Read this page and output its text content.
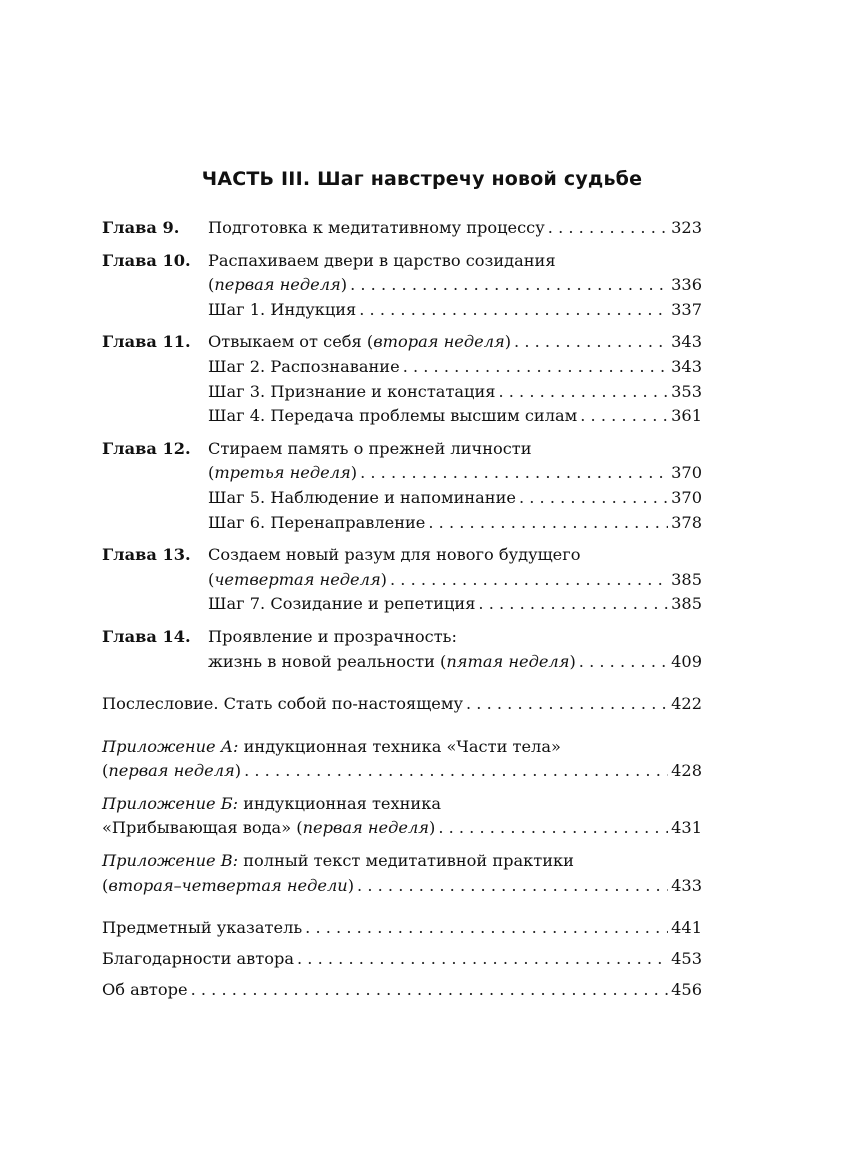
ЧАСТЬ III. Шаг навстречу новой судьбе
Глава 9.	Подготовка к медитативному процессу . . .	323
Глава 10.	Распахиваем двери в царство созидания
(первая неделя) . . .	336
Шаг 1. Индукция . . .	337
Глава 11.	Отвыкаем от себя (вторая неделя) . . .	343
Шаг 2. Распознавание . . .	343
Шаг 3. Признание и констатация . . .	353
Шаг 4. Передача проблемы высшим силам . . .	361
Глава 12.	Стираем память о прежней личности
(третья неделя) . . .	370
Шаг 5. Наблюдение и напоминание . . .	370
Шаг 6. Перенаправление . . .	378
Глава 13.	Создаем новый разум для нового будущего
(четвертая неделя) . . .	385
Шаг 7. Созидание и репетиция . . .	385
Глава 14.	Проявление и прозрачность:
жизнь в новой реальности (пятая неделя) . . .	409
Послесловие. Стать собой по-настоящему . . .	422
Приложение А: индукционная техника «Части тела»
(первая неделя) . . .	428
Приложение Б: индукционная техника
«Прибывающая вода» (первая неделя) . . .	431
Приложение В: полный текст медитативной практики
(вторая–четвертая недели) . . .	433
Предметный указатель . . .	441
Благодарности автора . . .	453
Об авторе . . .	456
